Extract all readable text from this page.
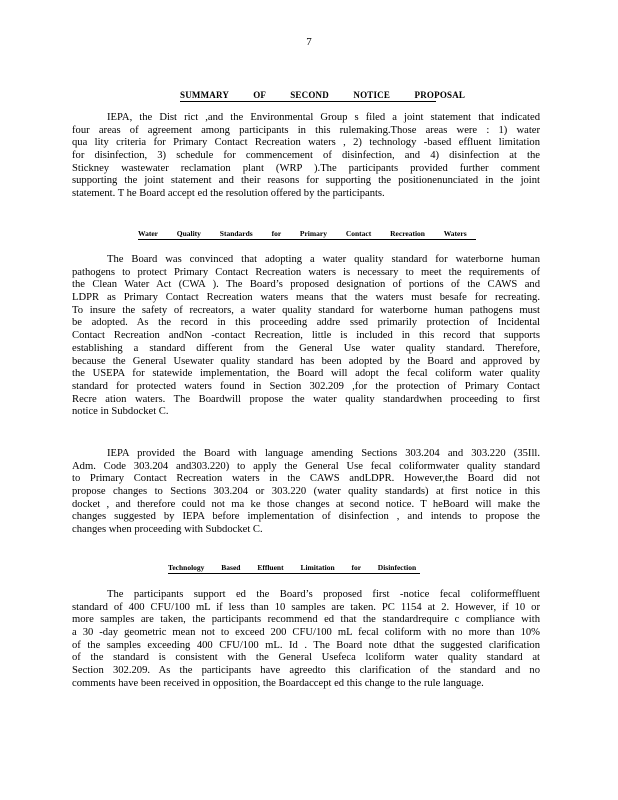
7
SUMMARY OF SECOND NOTICE PROPOSAL
IEPA, the Dist rict ,and the Environmental Group s filed a joint statement that indicated
four areas of agreement among participants in this rulemaking.Those areas were : 1) water
qua lity criteria for Primary Contact Recreation waters , 2) technology -based effluent limitation
for disinfection, 3) schedule for commencement of disinfection, and 4) disinfection at the
Stickney wastewater reclamation plant (WRP ).The participants provided further comment
supporting the joint statement and their reasons for supporting the positionenunciated in the joint
statement. T he Board accept ed the resolution offered by the participants.
Water Quality Standards for Primary Contact Recreation Waters
The Board was convinced that adopting a water quality standard for waterborne human
pathogens to protect Primary Contact Recreation waters is necessary to meet the requirements of
the Clean Water Act (CWA ). The Board’s proposed designation of portions of the CAWS and
LDPR as Primary Contact Recreation waters means that the waters must besafe for recreating.
To insure the safety of recreators, a water quality standard for waterborne human pathogens must
be adopted. As the record in this proceeding addre ssed primarily protection of Incidental
Contact Recreation andNon -contact Recreation, little is included in this record that supports
establishing a standard different from the General Use water quality standard. Therefore,
because the General Usewater quality standard has been adopted by the Board and approved by
the USEPA for statewide implementation, the Board will adopt the fecal coliform water quality
standard for protected waters found in Section 302.209 ,for the protection of Primary Contact
Recre ation waters. The Boardwill propose the water quality standardwhen proceeding to first
notice in Subdocket C.
IEPA provided the Board with language amending Sections 303.204 and 303.220 (35Ill.
Adm. Code 303.204 and303.220) to apply the General Use fecal coliformwater quality standard
to Primary Contact Recreation waters in the CAWS andLDPR. However,the Board did not
propose changes to Sections 303.204 or 303.220 (water quality standards) at first notice in this
docket , and therefore could not ma ke those changes at second notice. T heBoard will make the
changes suggested by IEPA before implementation of disinfection , and intends to propose the
changes when proceeding with Subdocket C.
Technology Based Effluent Limitation for Disinfection
The participants support ed the Board’s proposed first -notice fecal coliformeffluent
standard of 400 CFU/100 mL if less than 10 samples are taken. PC 1154 at 2. However, if 10 or
more samples are taken, the participants recommend ed that the standardrequire c compliance with
a 30 -day geometric mean not to exceed 200 CFU/100 mL fecal coliform with no more than 10%
of the samples exceeding 400 CFU/100 mL. Id . The Board note dthat the suggested clarification
of the standard is consistent with the General Usefeca lcoliform water quality standard at
Section 302.209. As the participants have agreedto this clarification of the standard and no
comments have been received in opposition, the Boardaccept ed this change to the rule language.
